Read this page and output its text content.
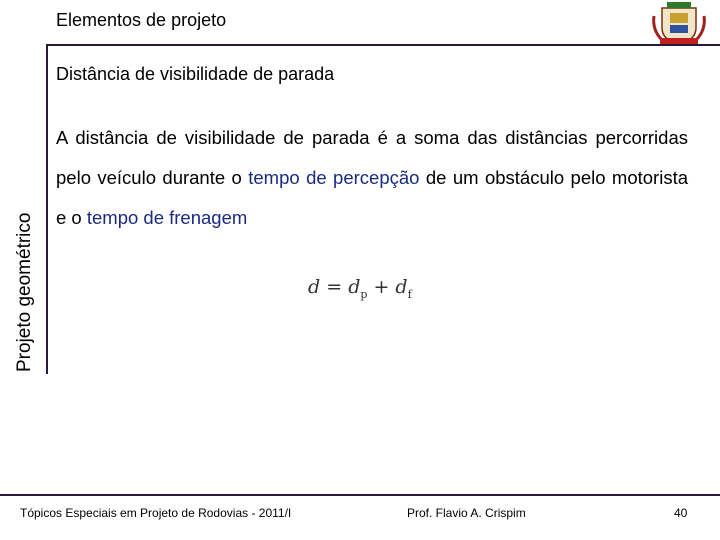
Elementos de projeto
Distância de visibilidade de parada
Projeto geométrico
A distância de visibilidade de parada é a soma das distâncias percorridas pelo veículo durante o tempo de percepção de um obstáculo pelo motorista e o tempo de frenagem
$d = d_p + d_f$
Tópicos Especiais em Projeto de Rodovias - 2011/I	Prof. Flavio A. Crispim	40
